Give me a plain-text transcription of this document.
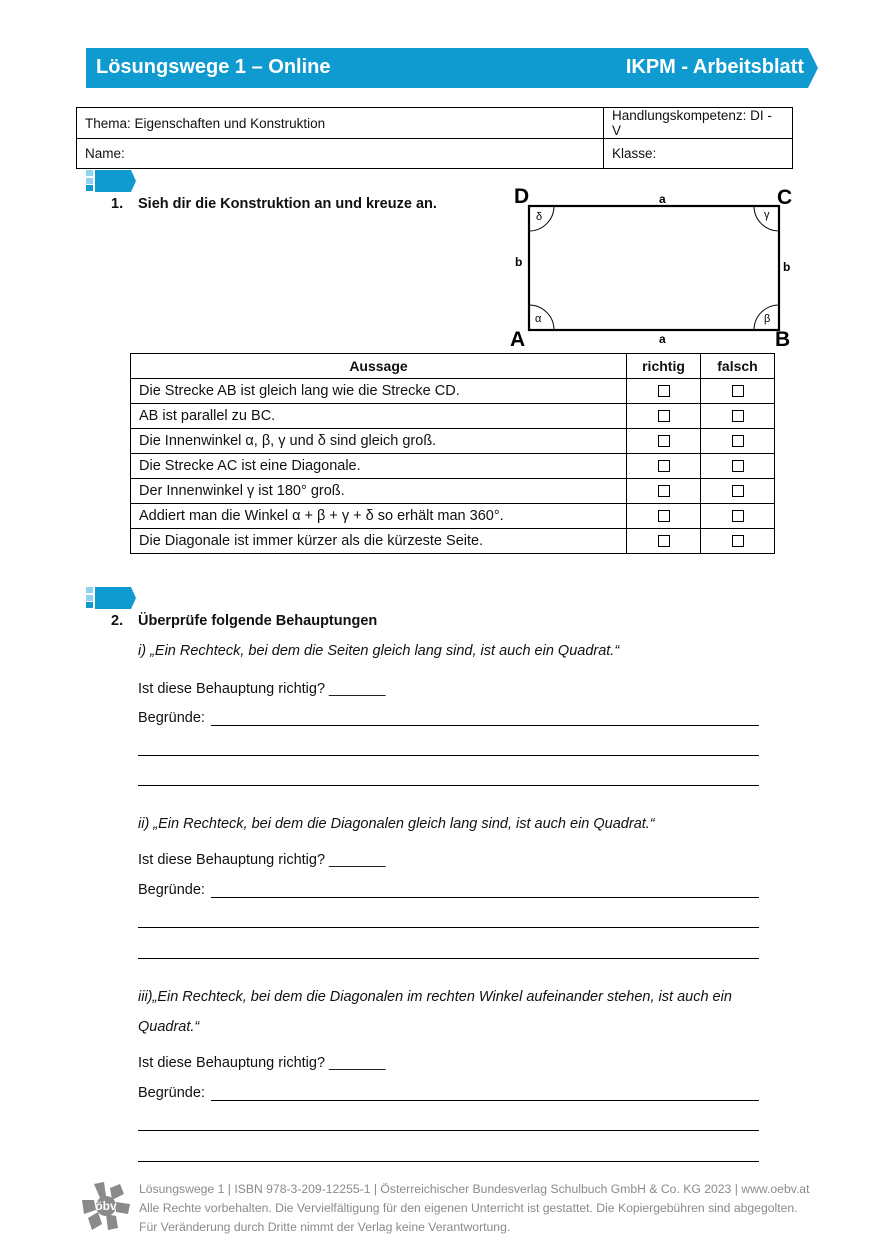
Lösungswege 1 – Online	IKPM - Arbeitsblatt
Thema: Eigenschaften und Konstruktion	Handlungskompetenz: DI - V
Name:	Klasse:
1. Sieh dir die Konstruktion an und kreuze an.
α	β
γ
δ
a
a
b	b
A	B
C
D
Aussage	richtig	falsch
Die Strecke AB ist gleich lang wie die Strecke CD.		
AB ist parallel zu BC.		
Die Innenwinkel α, β, γ und δ sind gleich groß.		
Die Strecke AC ist eine Diagonale.		
Der Innenwinkel γ ist 180° groß.		
Addiert man die Winkel α + β + γ + δ so erhält man 360°.		
Die Diagonale ist immer kürzer als die kürzeste Seite.		
2. Überprüfe folgende Behauptungen
i) „Ein Rechteck, bei dem die Seiten gleich lang sind, ist auch ein Quadrat.“
Ist diese Behauptung richtig? _______
Begründe:
ii) „Ein Rechteck, bei dem die Diagonalen gleich lang sind, ist auch ein Quadrat.“
Ist diese Behauptung richtig? _______
Begründe:
iii)„Ein Rechteck, bei dem die Diagonalen im rechten Winkel aufeinander stehen, ist auch ein
Quadrat.“
Ist diese Behauptung richtig? _______
Begründe:
öbv
Lösungswege 1 | ISBN 978-3-209-12255-1 | Österreichischer Bundesverlag Schulbuch GmbH & Co. KG 2023 | www.oebv.at
Alle Rechte vorbehalten. Die Vervielfältigung für den eigenen Unterricht ist gestattet. Die Kopiergebühren sind abgegolten.
Für Veränderung durch Dritte nimmt der Verlag keine Verantwortung.
